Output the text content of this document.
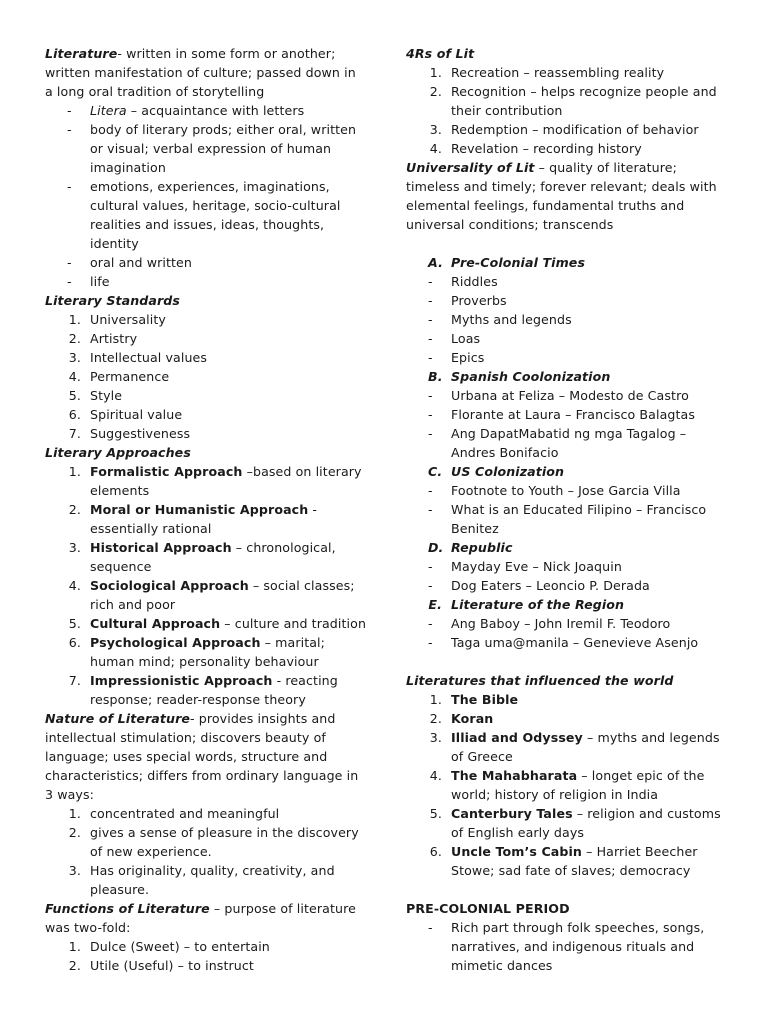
Literature- written in some form or another; written manifestation of culture; passed down in a long oral tradition of storytelling
- Litera – acquaintance with letters
- body of literary prods; either oral, written or visual; verbal expression of human imagination
- emotions, experiences, imaginations, cultural values, heritage, socio-cultural realities and issues, ideas, thoughts, identity
- oral and written
- life
Literary Standards
1. Universality
2. Artistry
3. Intellectual values
4. Permanence
5. Style
6. Spiritual value
7. Suggestiveness
Literary Approaches
1. Formalistic Approach –based on literary elements
2. Moral or Humanistic Approach - essentially rational
3. Historical Approach – chronological, sequence
4. Sociological Approach – social classes; rich and poor
5. Cultural Approach – culture and tradition
6. Psychological Approach – marital; human mind; personality behaviour
7. Impressionistic Approach - reacting response; reader-response theory
Nature of Literature- provides insights and intellectual stimulation; discovers beauty of language; uses special words, structure and characteristics; differs from ordinary language in 3 ways:
1. concentrated and meaningful
2. gives a sense of pleasure in the discovery of new experience.
3. Has originality, quality, creativity, and pleasure.
Functions of Literature – purpose of literature was two-fold:
1. Dulce (Sweet) – to entertain
2. Utile (Useful) – to instruct
4Rs of Lit
1. Recreation – reassembling reality
2. Recognition – helps recognize people and their contribution
3. Redemption – modification of behavior
4. Revelation – recording history
Universality of Lit – quality of literature; timeless and timely; forever relevant; deals with elemental feelings, fundamental truths and universal conditions; transcends
A. Pre-Colonial Times
- Riddles
- Proverbs
- Myths and legends
- Loas
- Epics
B. Spanish Coolonization
- Urbana at Feliza – Modesto de Castro
- Florante at Laura – Francisco Balagtas
- Ang DapatMabatid ng mga Tagalog – Andres Bonifacio
C. US Colonization
- Footnote to Youth – Jose Garcia Villa
- What is an Educated Filipino – Francisco Benitez
D. Republic
- Mayday Eve – Nick Joaquin
- Dog Eaters – Leoncio P. Derada
E. Literature of the Region
- Ang Baboy – John Iremil F. Teodoro
- Taga uma@manila – Genevieve Asenjo
Literatures that influenced the world
1. The Bible
2. Koran
3. Illiad and Odyssey – myths and legends of Greece
4. The Mahabharata – longet epic of the world; history of religion in India
5. Canterbury Tales – religion and customs of English early days
6. Uncle Tom’s Cabin – Harriet Beecher Stowe; sad fate of slaves; democracy
PRE-COLONIAL PERIOD
- Rich part through folk speeches, songs, narratives, and indigenous rituals and mimetic dances
